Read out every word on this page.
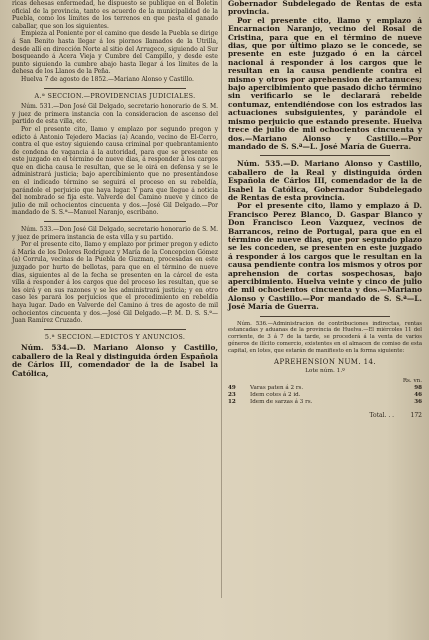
ricas dehesas enfermedad, he dispuesto se publique en el Boletin oficial de la provincia, tanto es acuerdo de la municipalidad de la Puebla, como los límites de los terrenos en que pasta el ganado caballar, que son los siguientes.

Empieza al Poniente por el camino que desde la Puebla se dirige á San Benito hasta llegar á los piornos llamados de la Utrilla, desde allí en dirección Norte al sitio del Arrugeco, siguiendo al Sur bosqueando á Acera Vieja y Cumbre del Campillo, y desde este punto siguiendo la cumbre abajo hasta llegar á los límites de la dehesa de los Llanos de la Peña.

Huelva 7 de agosto de 1852.—Mariano Alonso y Castillo.

A.ª SECCION.—PROVIDENCIAS JUDICIALES.

Núm. 531.—Don José Gil Delgado, secretario honorario de S. M. y juez de primera instancia con la consideracion de ascenso del partido de esta villa, etc.

Por el presente cito, llamo y emplazo por segundo pregon y edicto á Antonio Tejedero Macias (a) Acando, vecino de El-Cerro, contra el que estoy siguiendo causa criminal por quebrantamiento de condena de vagancia á la autoridad, para que se presente en este juzgado en el término de nueve dias, á responder á los cargos que en dicha causa le resultan, que se le oirá en defensa y se le administrará justicia; bajo apercibimiento que no presentándose en el indicado término se seguirá el proceso en su rebeldía, parándole el perjuicio que haya lugar. Y para que llegue á noticia del nombrado se fija este. Valverde del Camino nueve y cinco de julio de mil ochocientos cincuenta y dos.—José Gil Delgado.—Por mandado de S. S.ª—Manuel Naranjo, escribano.

Núm. 533.—Don José Gil Delgado, secretario honorario de S. M. y juez de primera instancia de esta villa y su partido.

Por el presente cito, llamo y emplazo por primer pregon y edicto á María de los Dolores Rodríguez y María de la Concepcion Gómez (a) Corrula, vecinas de la Puebla de Guzman, procesadas en este juzgado por hurto de bellotas, para que en el término de nueve dias, siguientes al de la fecha se presenten en la cárcel de esta villa á responder á los cargos que del proceso les resultan, que se les oirá y en sus razones y se les administrará justicia; y en otro caso les parará los perjuicios que el procedimiento en rebeldía haya lugar. Dado en Valverde del Camino á tres de agosto de mil ochocientos cincuenta y dos.—José Gil Delgado.—P. M. D. S. S.ª—Juan Ramírez Cruzado.

5.ª SECCION.—EDICTOS Y ANUNCIOS.

Núm. 534.—D. Mariano Alonso y Castillo, caballero de la Real y distinguida órden Española de Cárlos III, comendador de la de Isabel la Católica,

Gobernador Subdelegado de Rentas de esta provincia.

Por el presente cito, llamo y emplazo á Encarnacion Naranjo, vecino del Rosal de Cristina, para que en el término de nueve dias, que por último plazo se le concede, se presente en este juzgado ó en la cárcel nacional á responder á los cargos que le resultan en la causa pendiente contra el mismo y otros por aprehension de artamuces; bajo apercibimiento que pasado dicho término sin verificarlo se le declarará rebelde contumaz, entendiéndose con los estrados las actuaciones subsiguientes, y parándole el mismo perjuicio que estando presente. Huelva trece de julio de mil ochocientos cincuenta y dos.—Mariano Alonso y Castillo.—Por mandado de S. S.ª—L. José María de Guerra.

Núm. 535.—D. Mariano Alonso y Castillo, caballero de la Real y distinguida órden Española de Cárlos III, comendador de la de Isabel la Católica, Gobernador Subdelegado de Rentas de esta provincia.

Por el presente cito, llamo y emplazo á D. Francisco Perez Blanco, D. Gaspar Blanco y Don Francisco Leon Vazquez, vecinos de Barrancos, reino de Portugal, para que en el término de nueve dias, que por segundo plazo se les conceden, se presenten en este juzgado á responder á los cargos que le resultan en la causa pendiente contra los mismos y otros por aprehension de cortas sospechosas, bajo apercibimiento. Huelva veinte y cinco de julio de mil ochocientos cincuenta y dos.—Mariano Alonso y Castillo.—Por mandado de S. S.ª—L. José María de Guerra.

Núm. 536.—Administracion de contribuciones indirectas, rentas estancadas y aduanas de la provincia de Huelva.—El miércoles 11 del corriente, de 3 á 7 de la tarde, se procederá á la venta de varios géneros de ilícito comercio, existentes en el almacen de comiso de esta capital, en lotes, que estarán de manifiesto en la forma siguiente:

APREHENSION NUM. 14.

Lote núm. 1.º

Rs. vn.
49	Varas paten á 2 rs.	98
23	Idem cotes á 2 id.	46
12	Idem de sarzas á 3 rs.	36
Total. . .	172
